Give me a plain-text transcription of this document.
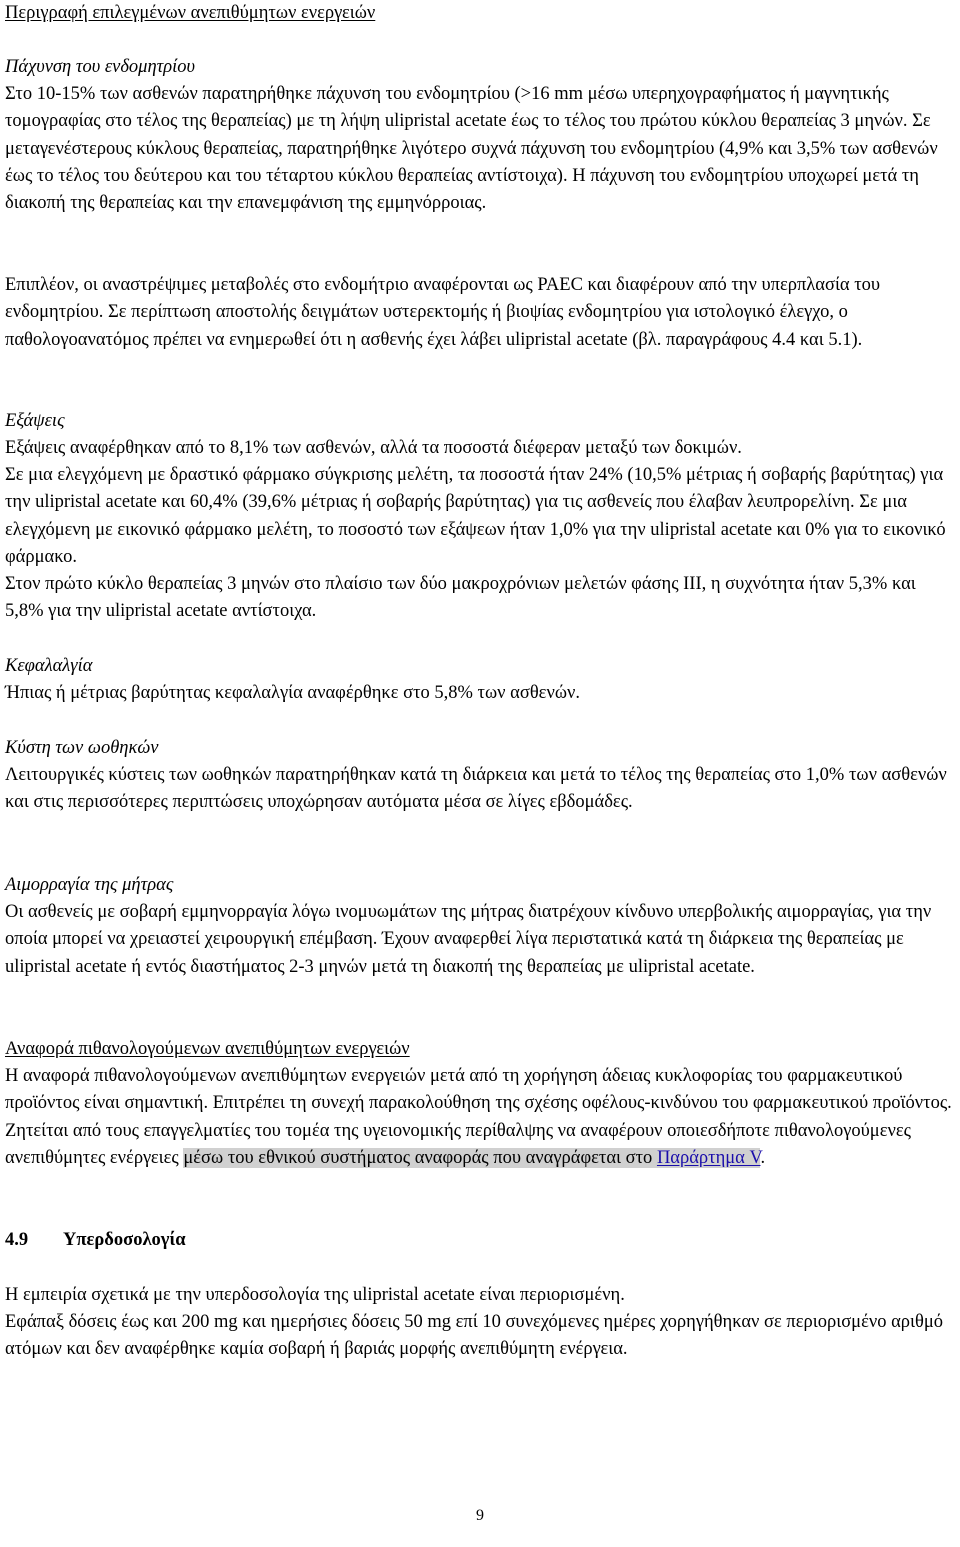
Περιγραφή επιλεγμένων ανεπιθύμητων ενεργειών

Πάχυνση του ενδομητρίου

Στο 10-15% των ασθενών παρατηρήθηκε πάχυνση του ενδομητρίου (>16 mm μέσω υπερηχογραφήματος ή μαγνητικής τομογραφίας στο τέλος της θεραπείας) με τη λήψη ulipristal acetate έως το τέλος του πρώτου κύκλου θεραπείας 3 μηνών. Σε μεταγενέστερους κύκλους θεραπείας, παρατηρήθηκε λιγότερο συχνά πάχυνση του ενδομητρίου (4,9% και 3,5% των ασθενών έως το τέλος του δεύτερου και του τέταρτου κύκλου θεραπείας αντίστοιχα). Η πάχυνση του ενδομητρίου υποχωρεί μετά τη διακοπή της θεραπείας και την επανεμφάνιση της εμμηνόρροιας.

Επιπλέον, οι αναστρέψιμες μεταβολές στο ενδομήτριο αναφέρονται ως PAEC και διαφέρουν από την υπερπλασία του ενδομητρίου. Σε περίπτωση αποστολής δειγμάτων υστερεκτομής ή βιοψίας ενδομητρίου για ιστολογικό έλεγχο, ο παθολογοανατόμος πρέπει να ενημερωθεί ότι η ασθενής έχει λάβει ulipristal acetate (βλ. παραγράφους 4.4 και 5.1).

Εξάψεις

Εξάψεις αναφέρθηκαν από το 8,1% των ασθενών, αλλά τα ποσοστά διέφεραν μεταξύ των δοκιμών.

Σε μια ελεγχόμενη με δραστικό φάρμακο σύγκρισης μελέτη, τα ποσοστά ήταν 24% (10,5% μέτριας ή σοβαρής βαρύτητας) για την ulipristal acetate και 60,4% (39,6% μέτριας ή σοβαρής βαρύτητας) για τις ασθενείς που έλαβαν λευπρορελίνη. Σε μια ελεγχόμενη με εικονικό φάρμακο μελέτη, το ποσοστό των εξάψεων ήταν 1,0% για την ulipristal acetate και 0% για το εικονικό φάρμακο.

Στον πρώτο κύκλο θεραπείας 3 μηνών στο πλαίσιο των δύο μακροχρόνιων μελετών φάσης III, η συχνότητα ήταν 5,3% και 5,8% για την ulipristal acetate αντίστοιχα.

Κεφαλαλγία

Ήπιας ή μέτριας βαρύτητας κεφαλαλγία αναφέρθηκε στο 5,8% των ασθενών.

Κύστη των ωοθηκών

Λειτουργικές κύστεις των ωοθηκών παρατηρήθηκαν κατά τη διάρκεια και μετά το τέλος της θεραπείας στο 1,0% των ασθενών και στις περισσότερες περιπτώσεις υποχώρησαν αυτόματα μέσα σε λίγες εβδομάδες.

Αιμορραγία της μήτρας

Οι ασθενείς με σοβαρή εμμηνορραγία λόγω ινομυωμάτων της μήτρας διατρέχουν κίνδυνο υπερβολικής αιμορραγίας, για την οποία μπορεί να χρειαστεί χειρουργική επέμβαση. Έχουν αναφερθεί λίγα περιστατικά κατά τη διάρκεια της θεραπείας με ulipristal acetate ή εντός διαστήματος 2-3 μηνών μετά τη διακοπή της θεραπείας με ulipristal acetate.

Αναφορά πιθανολογούμενων ανεπιθύμητων ενεργειών

Η αναφορά πιθανολογούμενων ανεπιθύμητων ενεργειών μετά από τη χορήγηση άδειας κυκλοφορίας του φαρμακευτικού προϊόντος είναι σημαντική. Επιτρέπει τη συνεχή παρακολούθηση της σχέσης οφέλους-κινδύνου του φαρμακευτικού προϊόντος. Ζητείται από τους επαγγελματίες του τομέα της υγειονομικής περίθαλψης να αναφέρουν οποιεσδήποτε πιθανολογούμενες ανεπιθύμητες ενέργειες μέσω του εθνικού συστήματος αναφοράς που αναγράφεται στο Παράρτημα V.

4.9 Υπερδοσολογία

Η εμπειρία σχετικά με την υπερδοσολογία της ulipristal acetate είναι περιορισμένη.

Εφάπαξ δόσεις έως και 200 mg και ημερήσιες δόσεις 50 mg επί 10 συνεχόμενες ημέρες χορηγήθηκαν σε περιορισμένο αριθμό ατόμων και δεν αναφέρθηκε καμία σοβαρή ή βαριάς μορφής ανεπιθύμητη ενέργεια.

9
